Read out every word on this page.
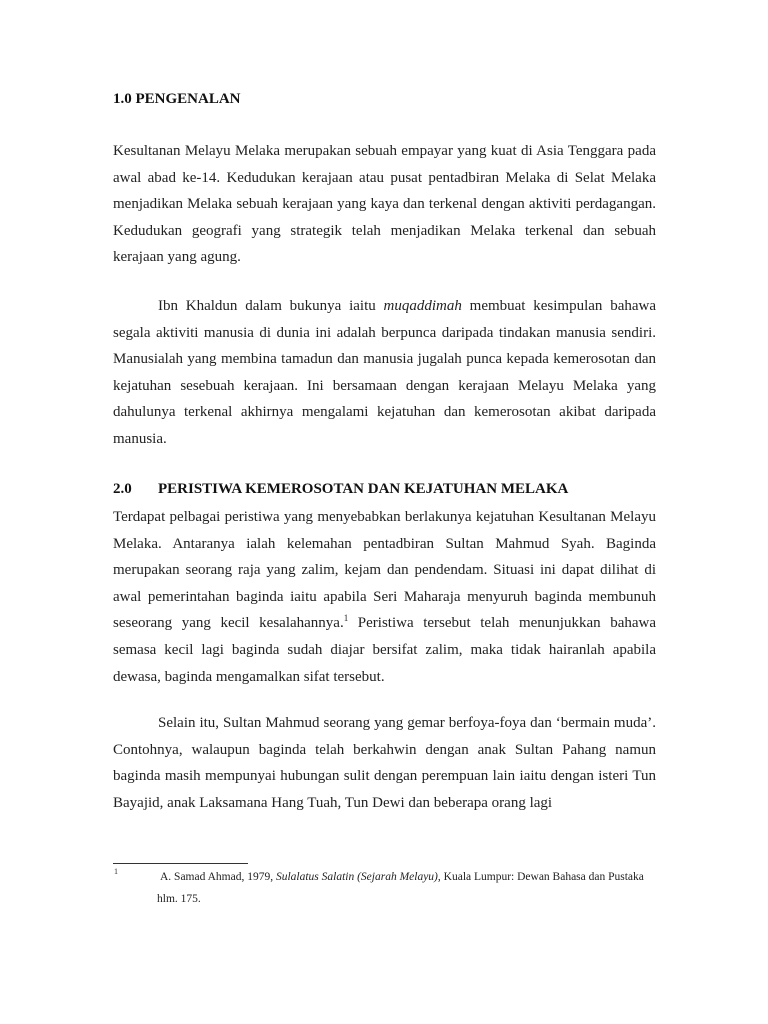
1.0 PENGENALAN

Kesultanan Melayu Melaka merupakan sebuah empayar yang kuat di Asia Tenggara pada awal abad ke-14. Kedudukan kerajaan atau pusat pentadbiran Melaka di Selat Melaka menjadikan Melaka sebuah kerajaan yang kaya dan terkenal dengan aktiviti perdagangan. Kedudukan geografi yang strategik telah menjadikan Melaka terkenal dan sebuah kerajaan yang agung.

Ibn Khaldun dalam bukunya iaitu muqaddimah membuat kesimpulan bahawa segala aktiviti manusia di dunia ini adalah berpunca daripada tindakan manusia sendiri. Manusialah yang membina tamadun dan manusia jugalah punca kepada kemerosotan dan kejatuhan sesebuah kerajaan. Ini bersamaan dengan kerajaan Melayu Melaka yang dahulunya terkenal akhirnya mengalami kejatuhan dan kemerosotan akibat daripada manusia.

2.0 PERISTIWA KEMEROSOTAN DAN KEJATUHAN MELAKA

Terdapat pelbagai peristiwa yang menyebabkan berlakunya kejatuhan Kesultanan Melayu Melaka. Antaranya ialah kelemahan pentadbiran Sultan Mahmud Syah. Baginda merupakan seorang raja yang zalim, kejam dan pendendam. Situasi ini dapat dilihat di awal pemerintahan baginda iaitu apabila Seri Maharaja menyuruh baginda membunuh seseorang yang kecil kesalahannya.$^1$ Peristiwa tersebut telah menunjukkan bahawa semasa kecil lagi baginda sudah diajar bersifat zalim, maka tidak hairanlah apabila dewasa, baginda mengamalkan sifat tersebut.

Selain itu, Sultan Mahmud seorang yang gemar berfoya-foya dan ‘bermain muda’. Contohnya, walaupun baginda telah berkahwin dengan anak Sultan Pahang namun baginda masih mempunyai hubungan sulit dengan perempuan lain iaitu dengan isteri Tun Bayajid, anak Laksamana Hang Tuah, Tun Dewi dan beberapa orang lagi

1	A. Samad Ahmad, 1979, Sulalatus Salatin (Sejarah Melayu), Kuala Lumpur: Dewan Bahasa dan Pustaka hlm. 175.
